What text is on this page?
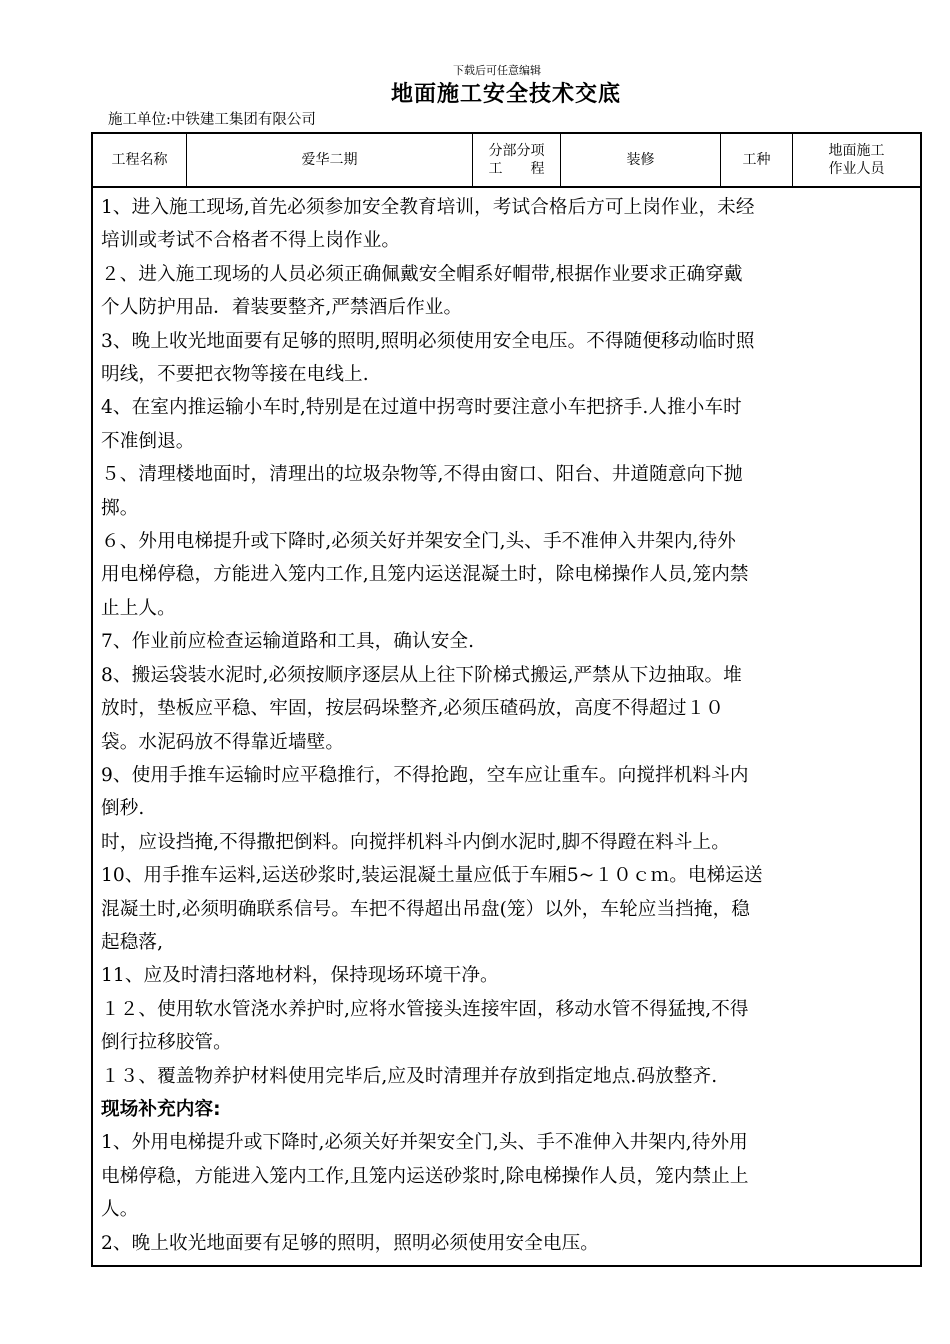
下载后可任意编辑
地面施工安全技术交底
施工单位:中铁建工集团有限公司
工程名称	爱华二期
分部分项
工　　程
装修	工种
地面施工
作业人员
1、进入施工现场,首先必须参加安全教育培训，考试合格后方可上岗作业，未经
培训或考试不合格者不得上岗作业。
２、进入施工现场的人员必须正确佩戴安全帽系好帽带,根据作业要求正确穿戴
个人防护用品．着装要整齐,严禁酒后作业。
3、晚上收光地面要有足够的照明,照明必须使用安全电压。不得随便移动临时照
明线，不要把衣物等接在电线上.
4、在室内推运输小车时,特别是在过道中拐弯时要注意小车把挤手.人推小车时
不准倒退。
５、清理楼地面时，清理出的垃圾杂物等,不得由窗口、阳台、井道随意向下抛
掷。
６、外用电梯提升或下降时,必须关好并架安全门,头、手不准伸入井架内,待外
用电梯停稳，方能进入笼内工作,且笼内运送混凝土时，除电梯操作人员,笼内禁
止上人。
7、作业前应检查运输道路和工具，确认安全.
8、搬运袋装水泥时,必须按顺序逐层从上往下阶梯式搬运,严禁从下边抽取。堆
放时，垫板应平稳、牢固，按层码垛整齐,必须压碴码放，高度不得超过１０
袋。水泥码放不得靠近墙壁。
9、使用手推车运输时应平稳推行，不得抢跑，空车应让重车。向搅拌机料斗内
倒秒.
时，应设挡掩,不得撒把倒料。向搅拌机料斗内倒水泥时,脚不得蹬在料斗上。
10、用手推车运料,运送砂浆时,装运混凝土量应低于车厢5~１０ｃｍ。电梯运送
混凝土时,必须明确联系信号。车把不得超出吊盘(笼）以外，车轮应当挡掩，稳
起稳落,
11、应及时清扫落地材料，保持现场环境干净。
１２、使用软水管浇水养护时,应将水管接头连接牢固，移动水管不得猛拽,不得
倒行拉移胶管。
１３、覆盖物养护材料使用完毕后,应及时清理并存放到指定地点.码放整齐.
现场补充内容:
1、外用电梯提升或下降时,必须关好并架安全门,头、手不准伸入井架内,待外用
电梯停稳，方能进入笼内工作,且笼内运送砂浆时,除电梯操作人员，笼内禁止上
人。
2、晚上收光地面要有足够的照明，照明必须使用安全电压。
